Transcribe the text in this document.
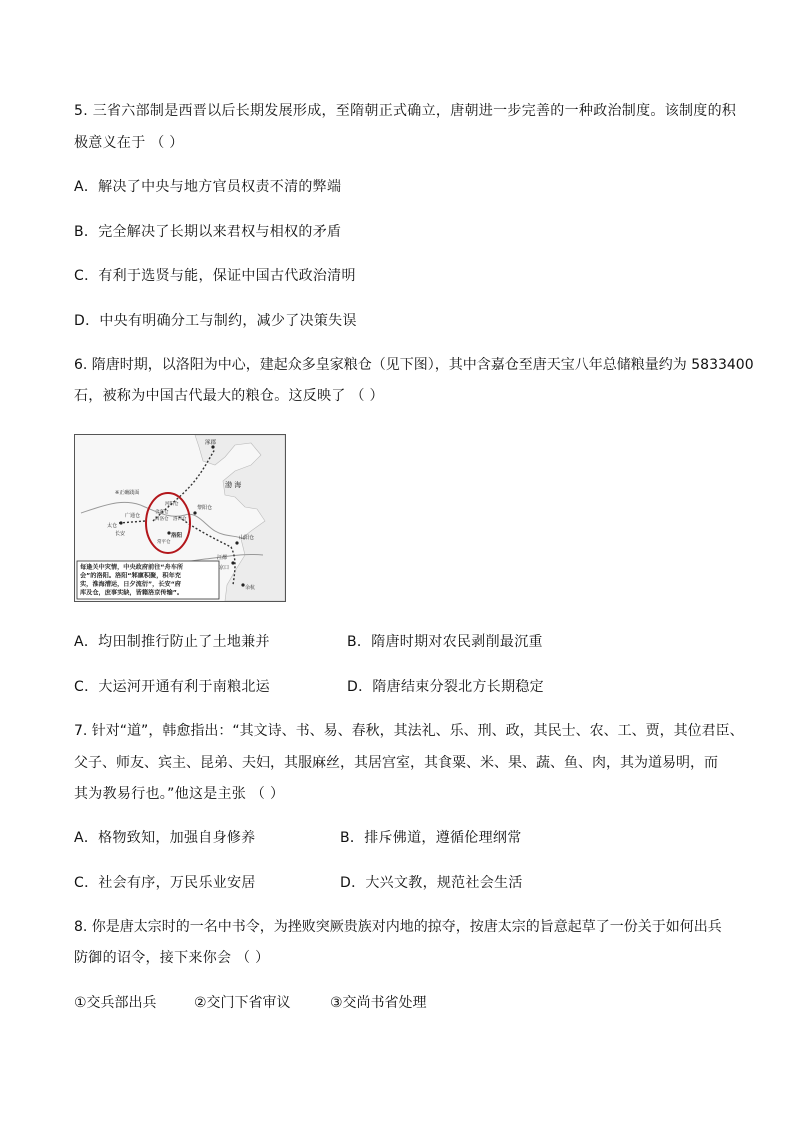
5. 三省六部制是西晋以后长期发展形成，至隋朝正式确立，唐朝进一步完善的一种政治制度。该制度的积
极意义在于 （ ）
A．解决了中央与地方官员权责不清的弊端
B．完全解决了长期以来君权与相权的矛盾
C．有利于选贤与能，保证中国古代政治清明
D．中央有明确分工与制约，减少了决策失误
6. 隋唐时期，以洛阳为中心，建起众多皇家粮仓（见下图），其中含嘉仓至唐天宝八年总储粮量约为 5833400
石，被称为中国古代最大的粮仓。这反映了 （ ）
涿郡
渤 海
黎阳仓
※正确践面
太仓
广通仓
长安
河阳仓
含嘉仓
回洛仓 洛口仓
常平仓
洛阳	山阳仓
江都
京口
余杭
每逢关中灾情，中央政府前往“舟车所
会”的洛阳。洛阳“邾廪积聚，积年充
实，淮海漕运，日夕流衍”，长安“府
库及仓，庶事实缺，皆籍洛京传输”。
A．均田制推行防止了土地兼并	B．隋唐时期对农民剥削最沉重
C．大运河开通有利于南粮北运	D．隋唐结束分裂北方长期稳定
7. 针对“道”，韩愈指出：“其文诗、书、易、春秋，其法礼、乐、刑、政，其民士、农、工、贾，其位君臣、
父子、师友、宾主、昆弟、夫妇，其服麻丝，其居宫室，其食粟、米、果、蔬、鱼、肉，其为道易明，而
其为教易行也。”他这是主张 （ ）
A．格物致知，加强自身修养	B．排斥佛道，遵循伦理纲常
C．社会有序，万民乐业安居	D．大兴文教，规范社会生活
8. 你是唐太宗时的一名中书令，为挫败突厥贵族对内地的掠夺，按唐太宗的旨意起草了一份关于如何出兵
防御的诏令，接下来你会 （ ）
①交兵部出兵	②交门下省审议	③交尚书省处理
